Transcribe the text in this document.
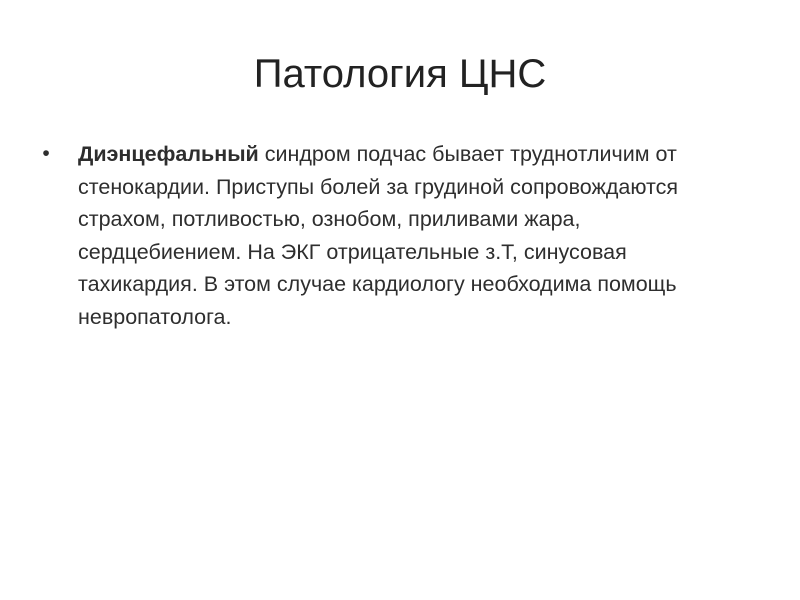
Патология ЦНС
• Диэнцефальный синдром подчас бывает труднотличим от стенокардии. Приступы болей за грудиной сопровождаются страхом, потливостью, ознобом, приливами жара, сердцебиением. На ЭКГ отрицательные з.Т, синусовая тахикардия. В этом случае кардиологу необходима помощь невропатолога.
